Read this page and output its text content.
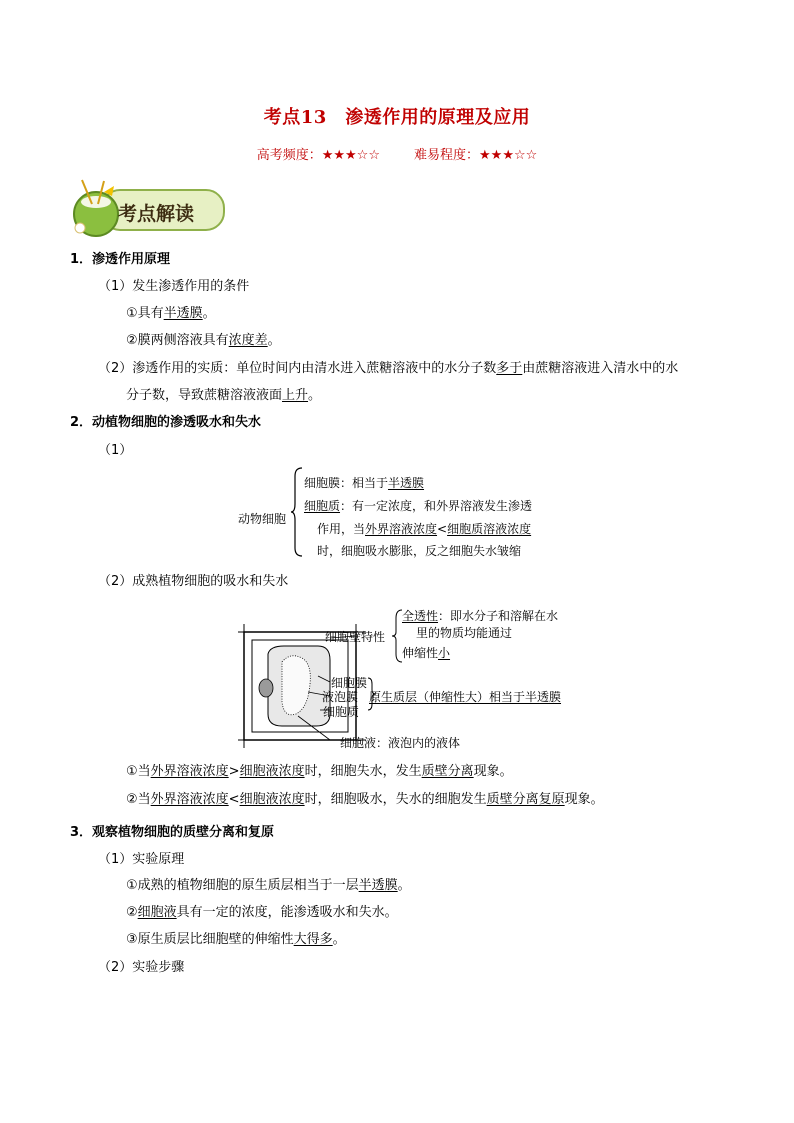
考点13　渗透作用的原理及应用
高考频度：★★★☆☆	难易程度：★★★☆☆
考点解读
1．渗透作用原理
（1）发生渗透作用的条件
①具有半透膜。
②膜两侧溶液具有浓度差。
（2）渗透作用的实质：单位时间内由清水进入蔗糖溶液中的水分子数多于由蔗糖溶液进入清水中的水
分子数，导致蔗糖溶液液面上升。
2．动植物细胞的渗透吸水和失水
（1）
动物细胞
细胞膜：相当于半透膜
细胞质：有一定浓度，和外界溶液发生渗透
作用，当外界溶液浓度<细胞质溶液浓度
时，细胞吸水膨胀，反之细胞失水皱缩
（2）成熟植物细胞的吸水和失水
细胞壁特性
全透性：即水分子和溶解在水
里的物质均能通过
伸缩性小
细胞膜
液泡膜
细胞质
原生质层（伸缩性大）相当于半透膜
细胞液：液泡内的液体
①当外界溶液浓度>细胞液浓度时，细胞失水，发生质壁分离现象。
②当外界溶液浓度<细胞液浓度时，细胞吸水，失水的细胞发生质壁分离复原现象。
3．观察植物细胞的质壁分离和复原
（1）实验原理
①成熟的植物细胞的原生质层相当于一层半透膜。
②细胞液具有一定的浓度，能渗透吸水和失水。
③原生质层比细胞壁的伸缩性大得多。
（2）实验步骤
